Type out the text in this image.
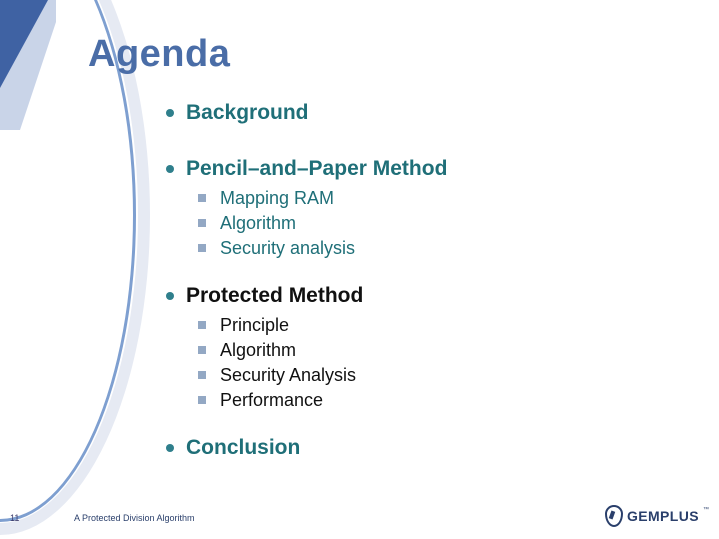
Agenda
Background
Pencil–and–Paper Method
Mapping RAM
Algorithm
Security analysis
Protected Method
Principle
Algorithm
Security Analysis
Performance
Conclusion
11	A Protected Division Algorithm	GEMPLUS ™
